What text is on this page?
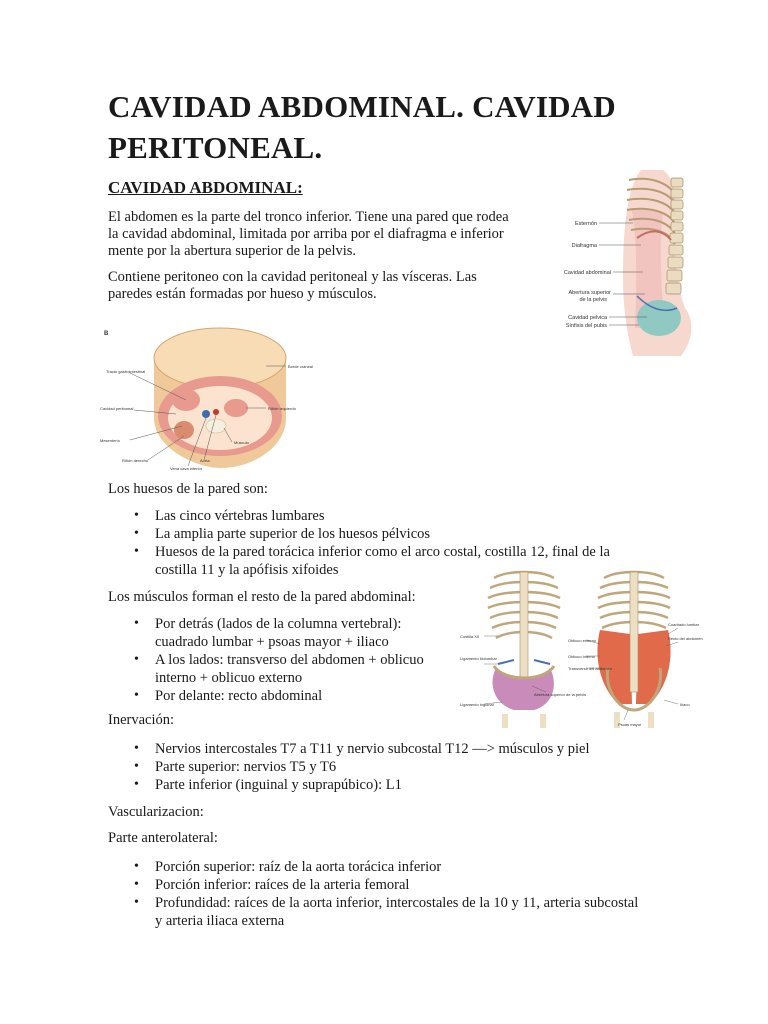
CAVIDAD ABDOMINAL. CAVIDAD PERITONEAL.
CAVIDAD ABDOMINAL:

El abdomen es la parte del tronco inferior. Tiene una pared que rodea
la cavidad abdominal, limitada por arriba por el diafragma e inferior
mente por la abertura superior de la pelvis.

Contiene peritoneo con la cavidad peritoneal y las vísceras. Las
paredes están formadas por hueso y músculos.

Esternón
Diafragma
Cavidad abdominal
Abertura superior
de la pelvis
Cavidad pelvica
Sínfisis del pubis
B
Tracto gastrointestinal
Cavidad peritoneal
Mesenterio
Riñón derecho
Vena cava inferior
Aorta
Músculo
Riñón izquierdo
Borde craneal

Los huesos de la pared son:

• Las cinco vértebras lumbares
• La amplia parte superior de los huesos pélvicos
• Huesos de la pared torácica inferior como el arco costal, costilla 12, final de la
costilla 11 y la apófisis xifoides

Los músculos forman el resto de la pared abdominal:

• Por detrás (lados de la columna vertebral):
cuadrado lumbar + psoas mayor + iliaco
• A los lados: transverso del abdomen + oblicuo
interno + oblicuo externo
• Por delante: recto abdominal
Costilla XII
Ligamento iliolumbar
Ligamento inguinal
Abertura superior de la pelvis
Oblicuo externo
Oblicuo interno
Transverso del abdomen
Psoas mayor
Cuadrado lumbar
Recto del abdomen
Ilíaco

Inervación:

• Nervios intercostales T7 a T11 y nervio subcostal T12 —> músculos y piel
• Parte superior: nervios T5 y T6
• Parte inferior (inguinal y suprapúbico): L1

Vascularizacion:

Parte anterolateral:

• Porción superior: raíz de la aorta torácica inferior
• Porción inferior: raíces de la arteria femoral
• Profundidad: raíces de la aorta inferior, intercostales de la 10 y 11, arteria subcostal
y arteria iliaca externa
